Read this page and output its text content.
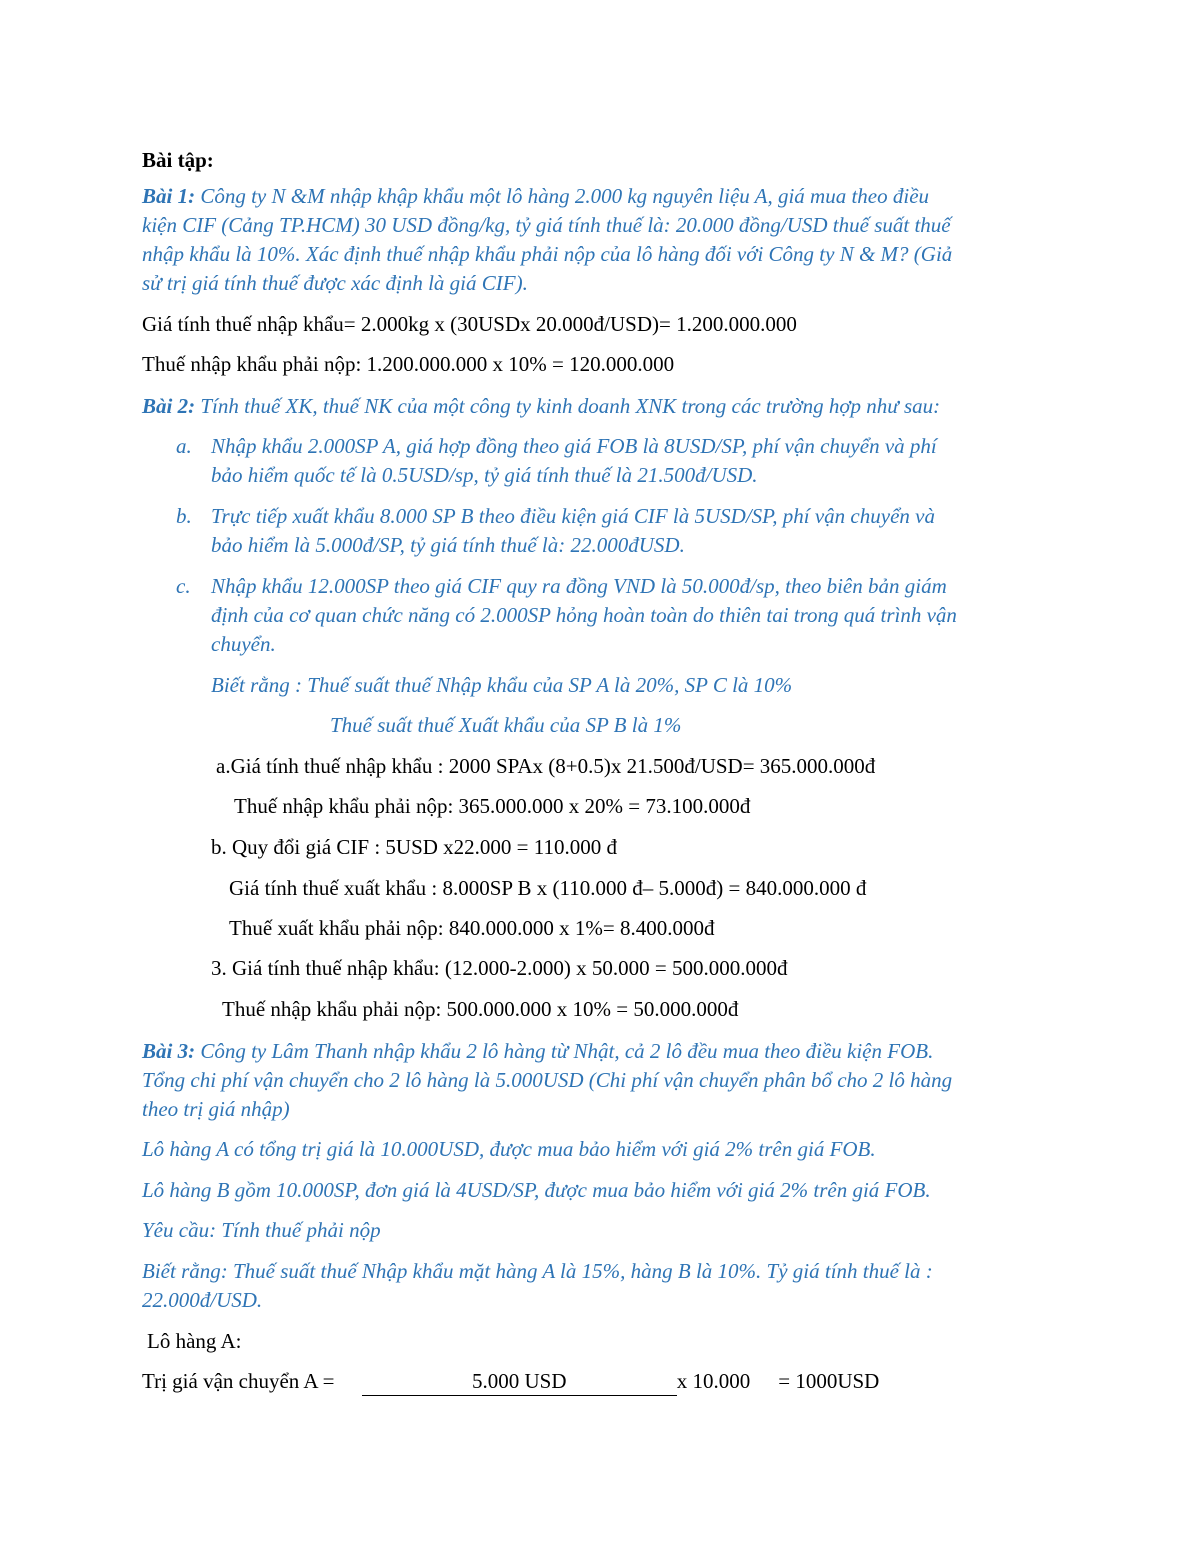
Bài tập:
Bài 1: Công ty N &M nhập khập khẩu một lô hàng 2.000 kg nguyên liệu A, giá mua theo điều
kiện CIF (Cảng TP.HCM) 30 USD đồng/kg, tỷ giá tính thuế là: 20.000 đồng/USD thuế suất thuế
nhập khẩu là 10%. Xác định thuế nhập khẩu phải nộp của lô hàng đối với Công ty N & M? (Giả
sử trị giá tính thuế được xác định là giá CIF).
Giá tính thuế nhập khẩu= 2.000kg x (30USDx 20.000đ/USD)= 1.200.000.000
Thuế nhập khẩu phải nộp: 1.200.000.000 x 10% = 120.000.000
Bài 2: Tính thuế XK, thuế NK của một công ty kinh doanh XNK trong các trường hợp như sau:
a. Nhập khẩu 2.000SP A, giá hợp đồng theo giá FOB là 8USD/SP, phí vận chuyển và phí
bảo hiểm quốc tế là 0.5USD/sp, tỷ giá tính thuế là 21.500đ/USD.
b. Trực tiếp xuất khẩu 8.000 SP B theo điều kiện giá CIF là 5USD/SP, phí vận chuyển và
bảo hiểm là 5.000đ/SP, tỷ giá tính thuế là: 22.000đUSD.
c. Nhập khẩu 12.000SP theo giá CIF quy ra đồng VND là 50.000đ/sp, theo biên bản giám
định của cơ quan chức năng có 2.000SP hỏng hoàn toàn do thiên tai trong quá trình vận
chuyển.
Biết rằng : Thuế suất thuế Nhập khẩu của SP A là 20%, SP C là 10%
Thuế suất thuế Xuất khẩu của SP B là 1%
a.Giá tính thuế nhập khẩu : 2000 SPAx (8+0.5)x 21.500đ/USD= 365.000.000đ
Thuế nhập khẩu phải nộp: 365.000.000 x 20% = 73.100.000đ
b. Quy đổi giá CIF : 5USD x22.000 = 110.000 đ
Giá tính thuế xuất khẩu : 8.000SP B x (110.000 đ– 5.000đ) = 840.000.000 đ
Thuế xuất khẩu phải nộp: 840.000.000 x 1%= 8.400.000đ
3. Giá tính thuế nhập khẩu: (12.000-2.000) x 50.000 = 500.000.000đ
Thuế nhập khẩu phải nộp: 500.000.000 x 10% = 50.000.000đ
Bài 3: Công ty Lâm Thanh nhập khẩu 2 lô hàng từ Nhật, cả 2 lô đều mua theo điều kiện FOB.
Tổng chi phí vận chuyển cho 2 lô hàng là 5.000USD (Chi phí vận chuyển phân bổ cho 2 lô hàng
theo trị giá nhập)
Lô hàng A có tổng trị giá là 10.000USD, được mua bảo hiểm với giá 2% trên giá FOB.
Lô hàng B gồm 10.000SP, đơn giá là 4USD/SP, được mua bảo hiểm với giá 2% trên giá FOB.
Yêu cầu: Tính thuế phải nộp
Biết rằng: Thuế suất thuế Nhập khẩu mặt hàng A là 15%, hàng B là 10%. Tỷ giá tính thuế là :
22.000đ/USD.
Lô hàng A:
Trị giá vận chuyển A =	5.000 USD	x 10.000 = 1000USD
